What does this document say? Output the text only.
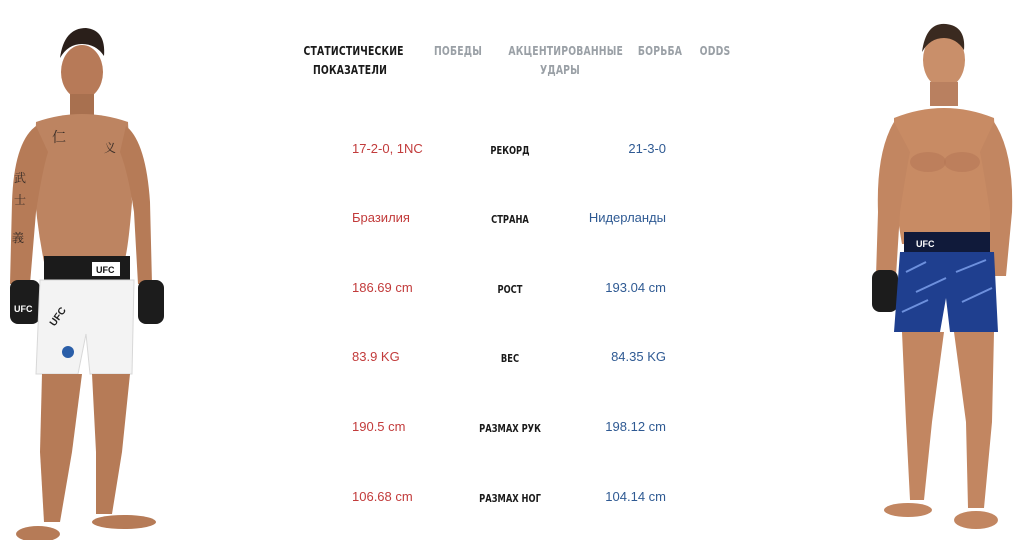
仁
义
武
士
義
UFC
UFC
UFC
UFC
СТАТИСТИЧЕСКИЕ
ПОКАЗАТЕЛИ
ПОБЕДЫ АКЦЕНТИРОВАННЫЕ
УДАРЫ
БОРЬБА ODDS
17-2-0, 1NC	РЕКОРД	21-3-0
Бразилия	СТРАНА	Нидерланды
186.69 cm	РОСТ	193.04 cm
83.9 KG	ВЕС	84.35 KG
190.5 cm	РАЗМАХ РУК	198.12 cm
106.68 cm	РАЗМАХ НОГ	104.14 cm
